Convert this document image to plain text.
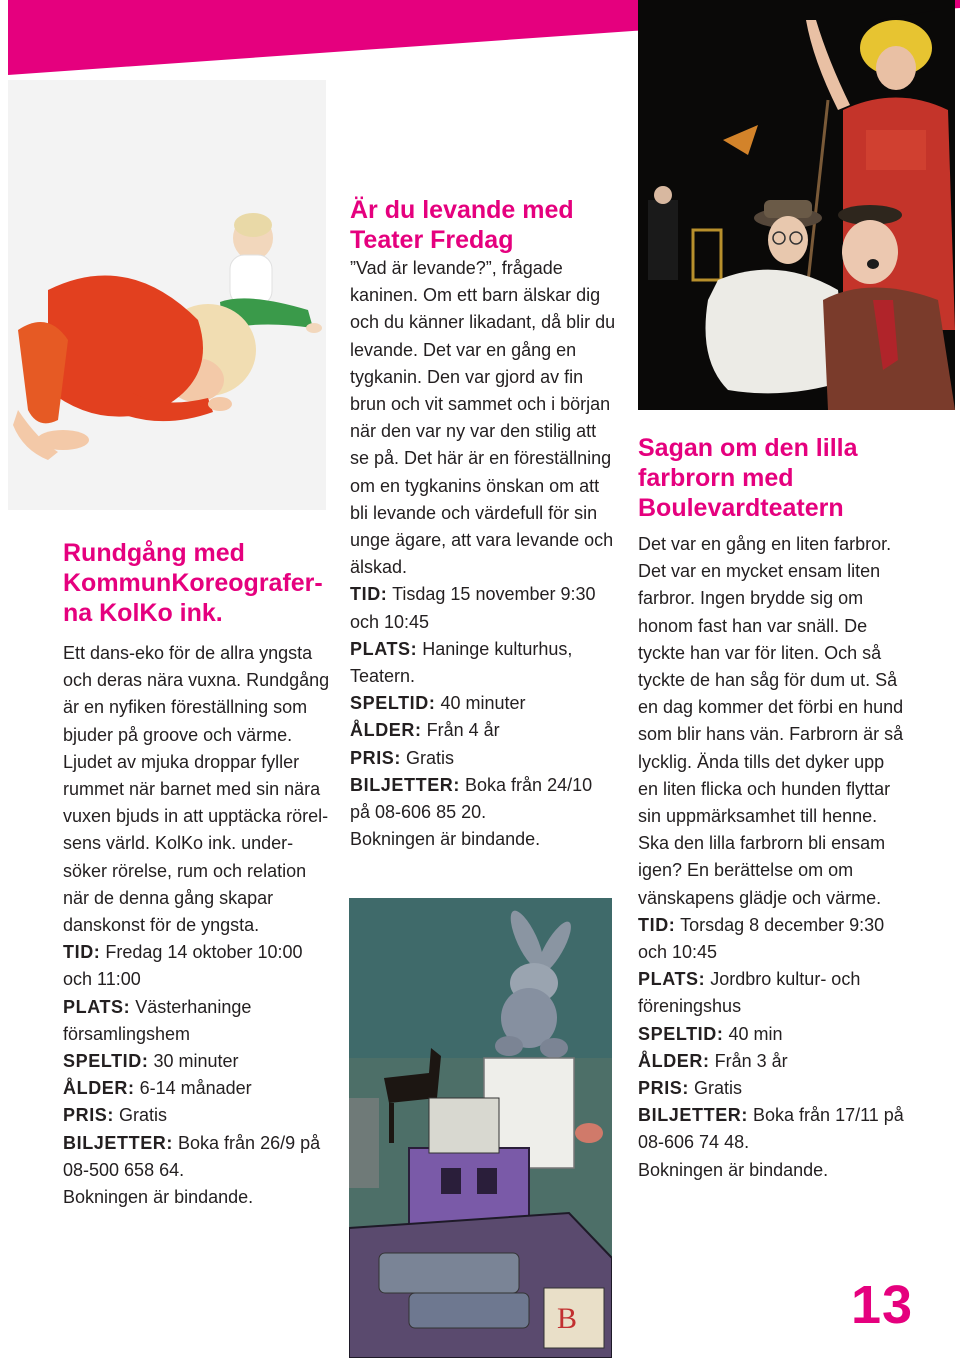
B
Rundgång med KommunKoreograferna KolKo ink.

Ett dans-eko för de allra yngsta och deras nära vuxna. Rundgång är en nyfiken föreställning som bjuder på groove och värme. Ljudet av mjuka droppar fyller rummet när barnet med sin nära vuxen bjuds in att upptäcka rörelsens värld. KolKo ink. undersöker rörelse, rum och relation när de denna gång skapar danskonst för de yngsta.

TID: Fredag 14 oktober 10:00 och 11:00

PLATS: Västerhaninge församlingshem

SPELTID: 30 minuter

ÅLDER: 6-14 månader

PRIS: Gratis

BILJETTER: Boka från 26/9 på 08-500 658 64.

Bokningen är bindande.

Är du levande med Teater Fredag

”Vad är levande?”, frågade kaninen. Om ett barn älskar dig och du känner likadant, då blir du levande. Det var en gång en tygkanin. Den var gjord av fin brun och vit sammet och i början när den var ny var den stilig att se på. Det här är en föreställning om en tygkanins önskan om att bli levande och värdefull för sin unge ägare, att vara levande och älskad.

TID: Tisdag 15 november 9:30 och 10:45

PLATS: Haninge kulturhus, Teatern.

SPELTID: 40 minuter

ÅLDER: Från 4 år

PRIS: Gratis

BILJETTER: Boka från 24/10 på 08-606 85 20.

Bokningen är bindande.

Sagan om den lilla farbrorn med Boulevardteatern

Det var en gång en liten farbror. Det var en mycket ensam liten farbror. Ingen brydde sig om honom fast han var snäll. De tyckte han var för liten. Och så tyckte de han såg för dum ut. Så en dag kommer det förbi en hund som blir hans vän. Farbrorn är så lycklig. Ända tills det dyker upp en liten flicka och hunden flyttar sin uppmärksamhet till henne. Ska den lilla farbrorn bli ensam igen? En berättelse om om vänskapens glädje och värme.

TID: Torsdag 8 december 9:30 och 10:45

PLATS: Jordbro kultur- och föreningshus

SPELTID: 40 min

ÅLDER: Från 3 år

PRIS: Gratis

BILJETTER: Boka från 17/11 på 08-606 74 48.

Bokningen är bindande.

13
